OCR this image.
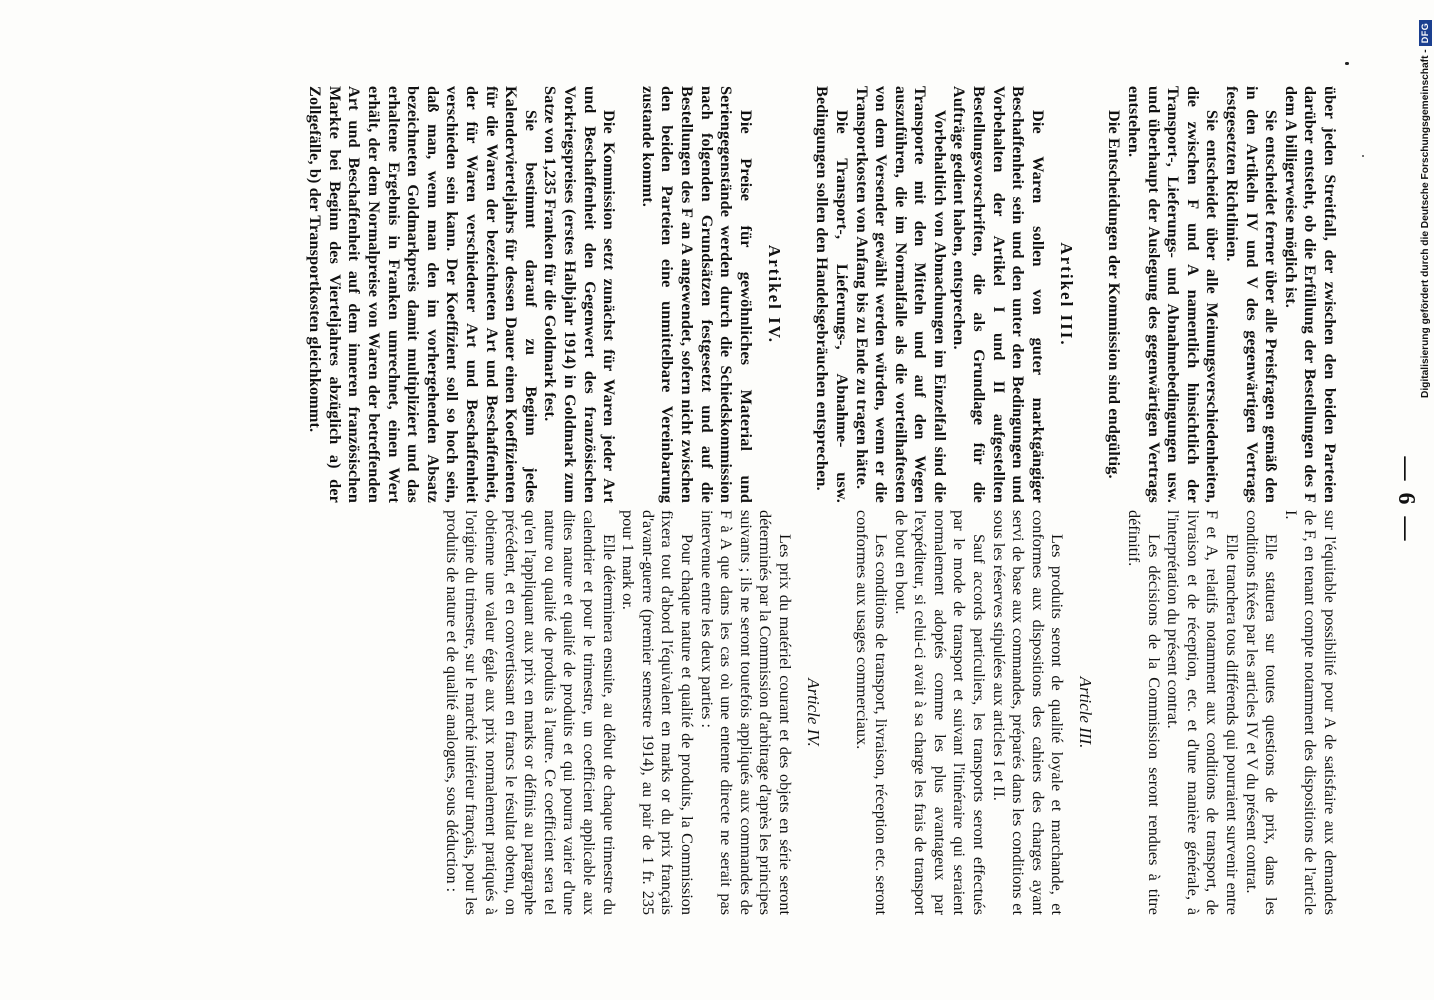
— 6 —

über jeden Streitfall, der zwischen den beiden Parteien darüber entsteht, ob die Erfüllung der Bestellungen des F dem A billigerweise möglich ist.

Sie entscheidet ferner über alle Preisfragen gemäß den in den Artikeln IV und V des gegenwärtigen Vertrags festgesetzten Richtlinien.

Sie entscheidet über alle Meinungsverschiedenheiten, die zwischen F und A namentlich hinsichtlich der Transport-, Lieferungs- und Abnahmebedingungen usw. und überhaupt der Auslegung des gegenwärtigen Vertrags entstehen.

Die Entscheidungen der Kommission sind endgültig.

Artikel III.

Die Waren sollen von guter marktgängiger Beschaffenheit sein und den unter den Bedingungen und Vorbehalten der Artikel I und II aufgestellten Bestellungsvorschriften, die als Grundlage für die Aufträge gedient haben, entsprechen.

Vorbehaltlich von Abmachungen im Einzelfall sind die Transporte mit den Mitteln und auf den Wegen auszuführen, die im Normalfalle als die vorteilhaftesten von dem Versender gewählt werden würden, wenn er die Transportkosten von Anfang bis zu Ende zu tragen hätte.

Die Transport-, Lieferungs-, Abnahme- usw. Bedingungen sollen den Handelsgebräuchen entsprechen.

Artikel IV.

Die Preise für gewöhnliches Material und Seriengegenstände werden durch die Schiedskommission nach folgenden Grundsätzen festgesetzt und auf die Bestellungen des F an A angewendet, sofern nicht zwischen den beiden Parteien eine unmittelbare Vereinbarung zustande kommt.

Die Kommission setzt zunächst für Waren jeder Art und Beschaffenheit den Gegenwert des französischen Vorkriegspreises (erstes Halbjahr 1914) in Goldmark zum Satze von 1,235 Franken für die Goldmark fest.

Sie bestimmt darauf zu Beginn jedes Kalendervierteljahrs für dessen Dauer einen Koeffizienten für die Waren der bezeichneten Art und Beschaffenheit, der für Waren verschiedener Art und Beschaffenheit verschieden sein kann. Der Koeffizient soll so hoch sein, daß man, wenn man den im vorhergehenden Absatz bezeichneten Goldmarkpreis damit multipliziert und das erhaltene Ergebnis in Franken umrechnet, einen Wert erhält, der dem Normalpreise von Waren der betreffenden Art und Beschaffenheit auf dem inneren französischen Markte bei Beginn des Vierteljahres abzüglich a) der Zollgefälle, b) der Transportkosten gleichkommt.

sur l'équitable possibilité pour A de satisfaire aux demandes de F, en tenant compte notamment des dispositions de l'article I.

Elle statuera sur toutes questions de prix, dans les conditions fixées par les articles IV et V du présent contrat.

Elle tranchera tous différends qui pourraient survenir entre F et A, relatifs notamment aux conditions de transport, de livraison et de réception, etc. et d'une manière générale, à l'interprétation du présent contrat.

Les décisions de la Commission seront rendues à titre définitif.

Article III.

Les produits seront de qualité loyale et marchande, et conformes aux dispositions des cahiers des charges ayant servi de base aux commandes, préparés dans les conditions et sous les réserves stipulées aux articles I et II.

Sauf accords particuliers, les transports seront effectués par le mode de transport et suivant l'itinéraire qui seraient normalement adoptés comme les plus avantageux par l'expéditeur, si celui-ci avait à sa charge les frais de transport de bout en bout.

Les conditions de transport, livraison, réception etc. seront conformes aux usages commerciaux.

Article IV.

Les prix du matériel courant et des objets en série seront déterminés par la Commission d'arbitrage d'après les principes suivants ; ils ne seront toutefois appliqués aux commandes de F à A que dans les cas où une entente directe ne serait pas intervenue entre les deux parties :

Pour chaque nature et qualité de produits, la Commission fixera tout d'abord l'équivalent en marks or du prix français d'avant-guerre (premier semestre 1914), au pair de 1 fr. 235 pour 1 mark or.

Elle déterminera ensuite, au début de chaque trimestre du calendrier et pour le trimestre, un coefficient applicable aux dites nature et qualité de produits et qui pourra varier d'une nature ou qualité de produits à l'autre. Ce coefficient sera tel qu'en l'appliquant aux prix en marks or définis au paragraphe précédent, et en convertissant en francs le résultat obtenu, on obtienne une valeur égale aux prix normalement pratiqués à l'origine du trimestre, sur le marché intérieur français, pour les produits de nature et de qualité analogues, sous déduction :

Digitalisierung gefördert durch die Deutsche Forschungsgemeinschaft -DFG
